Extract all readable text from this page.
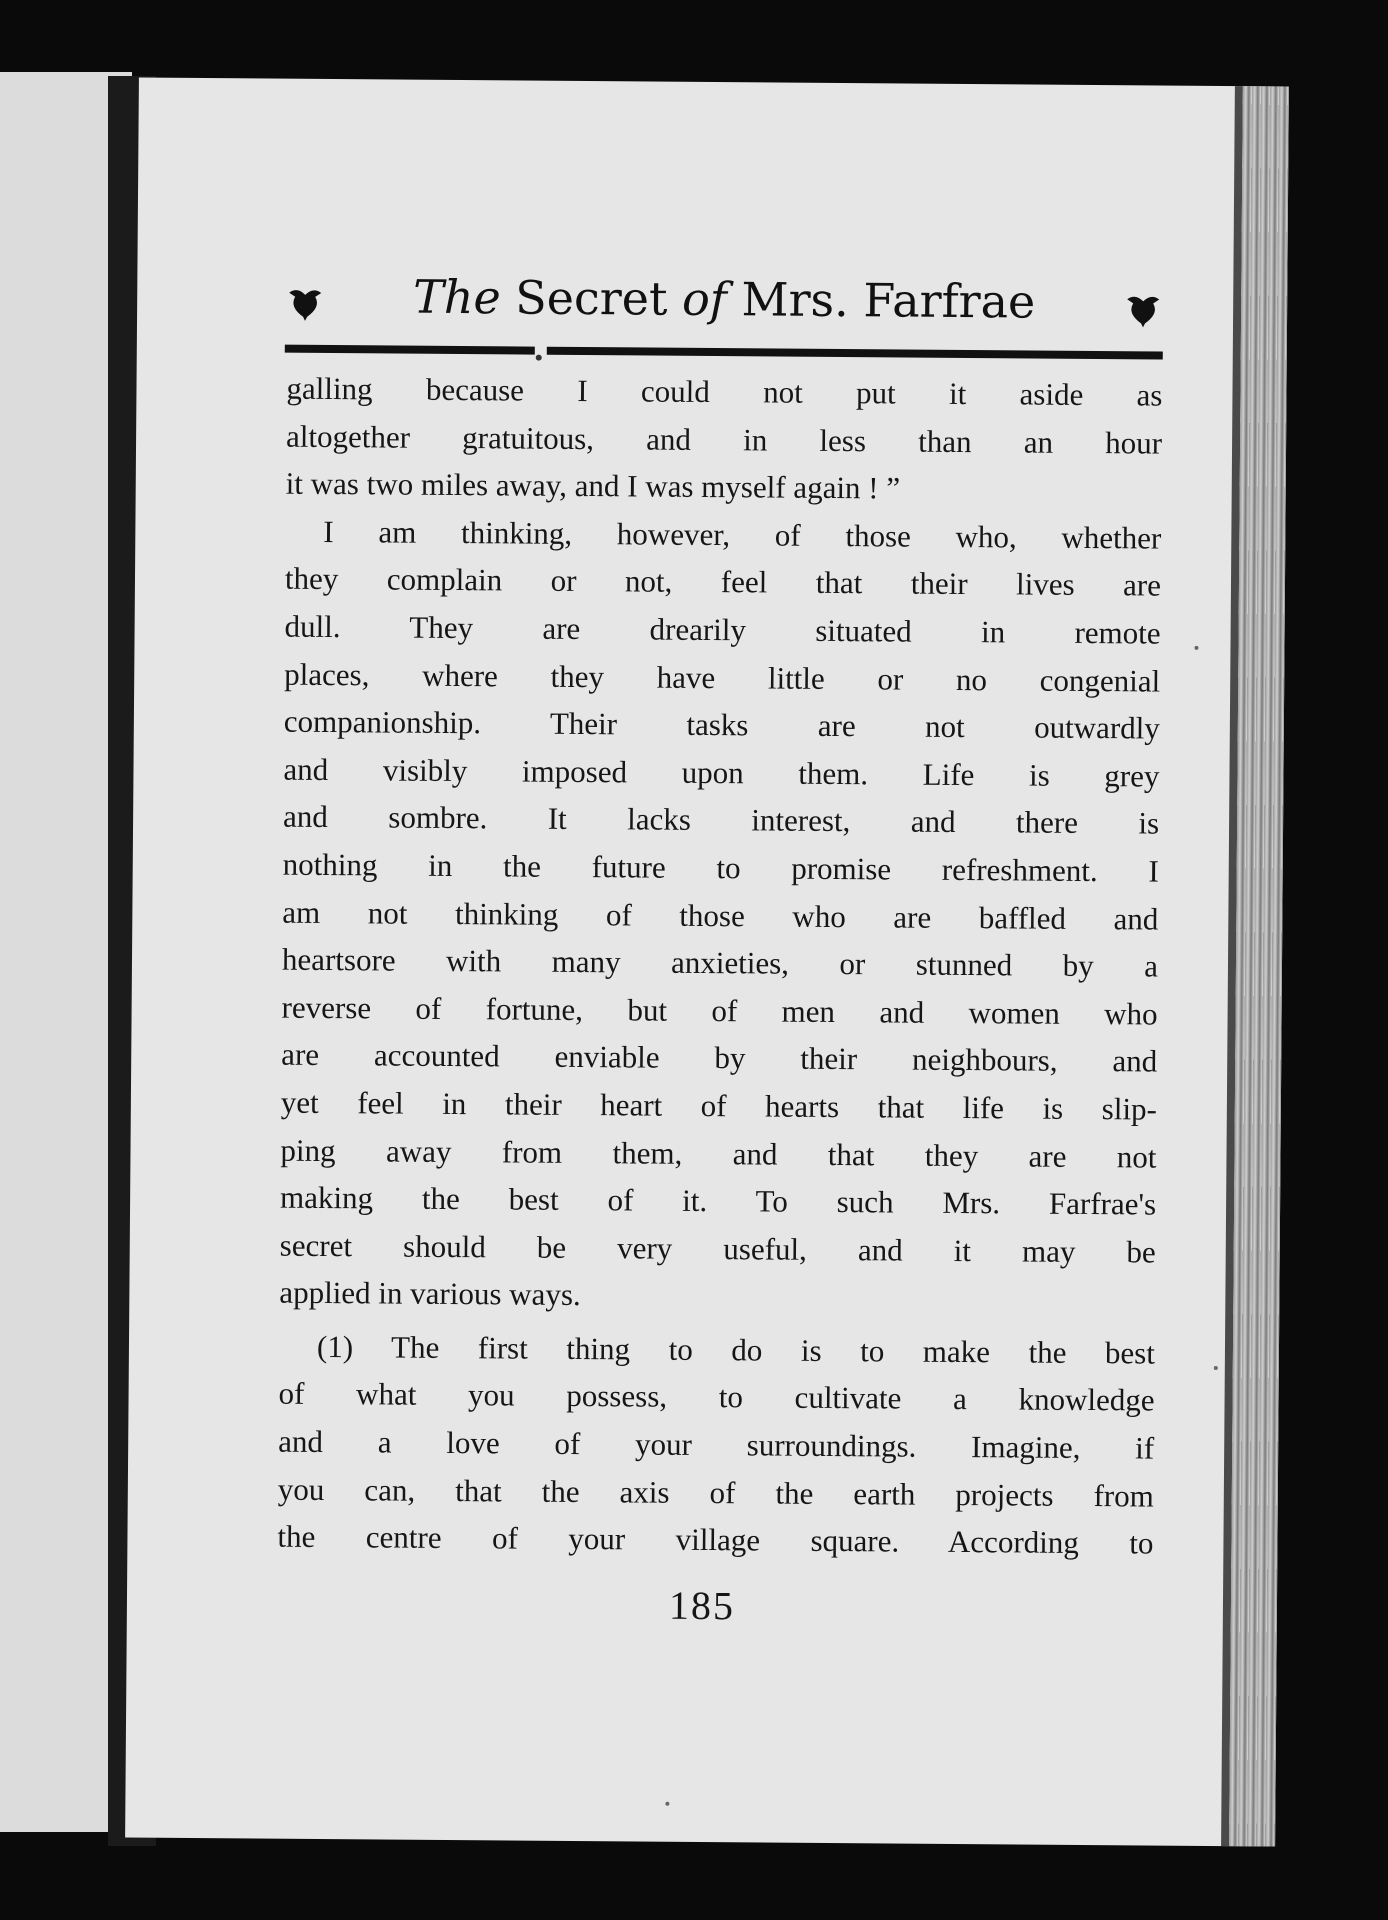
The Secret of Mrs. Farfrae
galling because I could not put it aside as
altogether gratuitous, and in less than an hour
it was two miles away, and I was myself again ! ”
I am thinking, however, of those who, whether
they complain or not, feel that their lives are
dull. They are drearily situated in remote
places, where they have little or no congenial
companionship. Their tasks are not outwardly
and visibly imposed upon them. Life is grey
and sombre. It lacks interest, and there is
nothing in the future to promise refreshment. I
am not thinking of those who are baffled and
heartsore with many anxieties, or stunned by a
reverse of fortune, but of men and women who
are accounted enviable by their neighbours, and
yet feel in their heart of hearts that life is slip-
ping away from them, and that they are not
making the best of it. To such Mrs. Farfrae's
secret should be very useful, and it may be
applied in various ways.
(1) The first thing to do is to make the best
of what you possess, to cultivate a knowledge
and a love of your surroundings. Imagine, if
you can, that the axis of the earth projects from
the centre of your village square. According to
185
